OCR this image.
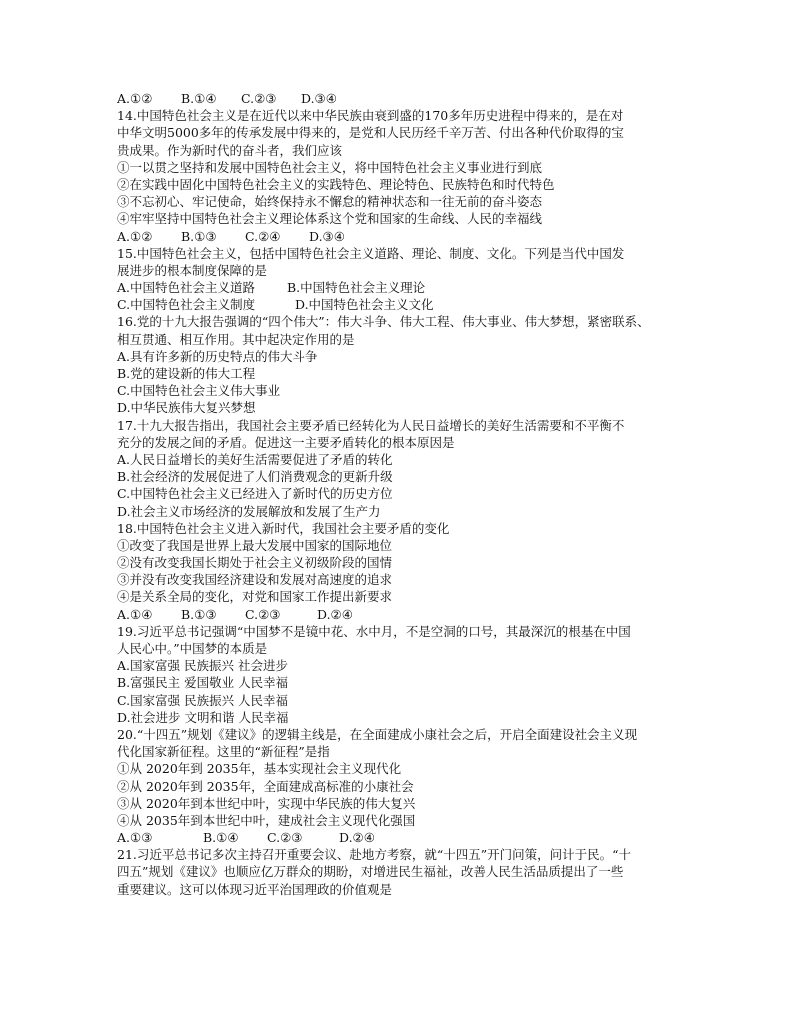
A.①②	B.①④	C.②③	D.③④
14.中国特色社会主义是在近代以来中华民族由衰到盛的170多年历史进程中得来的，是在对
中华文明5000多年的传承发展中得来的，是党和人民历经千辛万苦、付出各种代价取得的宝
贵成果。作为新时代的奋斗者，我们应该
①一以贯之坚持和发展中国特色社会主义，将中国特色社会主义事业进行到底
②在实践中固化中国特色社会主义的实践特色、理论特色、民族特色和时代特色
③不忘初心、牢记使命，始终保持永不懈怠的精神状态和一往无前的奋斗姿态
④牢牢坚持中国特色社会主义理论体系这个党和国家的生命线、人民的幸福线
A.①②	B.①③	C.②④	D.③④
15.中国特色社会主义，包括中国特色社会主义道路、理论、制度、文化。下列是当代中国发
展进步的根本制度保障的是
A.中国特色社会主义道路	B.中国特色社会主义理论
C.中国特色社会主义制度	D.中国特色社会主义文化
16.党的十九大报告强调的“四个伟大”：伟大斗争、伟大工程、伟大事业、伟大梦想，紧密联系、
相互贯通、相互作用。其中起决定作用的是
A.具有许多新的历史特点的伟大斗争
B.党的建设新的伟大工程
C.中国特色社会主义伟大事业
D.中华民族伟大复兴梦想
17.十九大报告指出，我国社会主要矛盾已经转化为人民日益增长的美好生活需要和不平衡不
充分的发展之间的矛盾。促进这一主要矛盾转化的根本原因是
A.人民日益增长的美好生活需要促进了矛盾的转化
B.社会经济的发展促进了人们消费观念的更新升级
C.中国特色社会主义已经进入了新时代的历史方位
D.社会主义市场经济的发展解放和发展了生产力
18.中国特色社会主义进入新时代，我国社会主要矛盾的变化
①改变了我国是世界上最大发展中国家的国际地位
②没有改变我国长期处于社会主义初级阶段的国情
③并没有改变我国经济建设和发展对高速度的追求
④是关系全局的变化，对党和国家工作提出新要求
A.①④	B.①③	C.②③	D.②④
19.习近平总书记强调“中国梦不是镜中花、水中月，不是空洞的口号，其最深沉的根基在中国
人民心中。”中国梦的本质是
A.国家富强 民族振兴 社会进步
B.富强民主 爱国敬业 人民幸福
C.国家富强 民族振兴 人民幸福
D.社会进步 文明和谐 人民幸福
20.“十四五”规划《建议》的逻辑主线是，在全面建成小康社会之后，开启全面建设社会主义现
代化国家新征程。这里的“新征程”是指
①从 2020年到 2035年，基本实现社会主义现代化
②从 2020年到 2035年，全面建成高标准的小康社会
③从 2020年到本世纪中叶，实现中华民族的伟大复兴
④从 2035年到本世纪中叶，建成社会主义现代化强国
A.①③	B.①④	C.②③	D.②④
21.习近平总书记多次主持召开重要会议、赴地方考察，就“十四五”开门问策，问计于民。“十
四五”规划《建议》也顺应亿万群众的期盼，对增进民生福祉，改善人民生活品质提出了一些
重要建议。这可以体现习近平治国理政的价值观是
